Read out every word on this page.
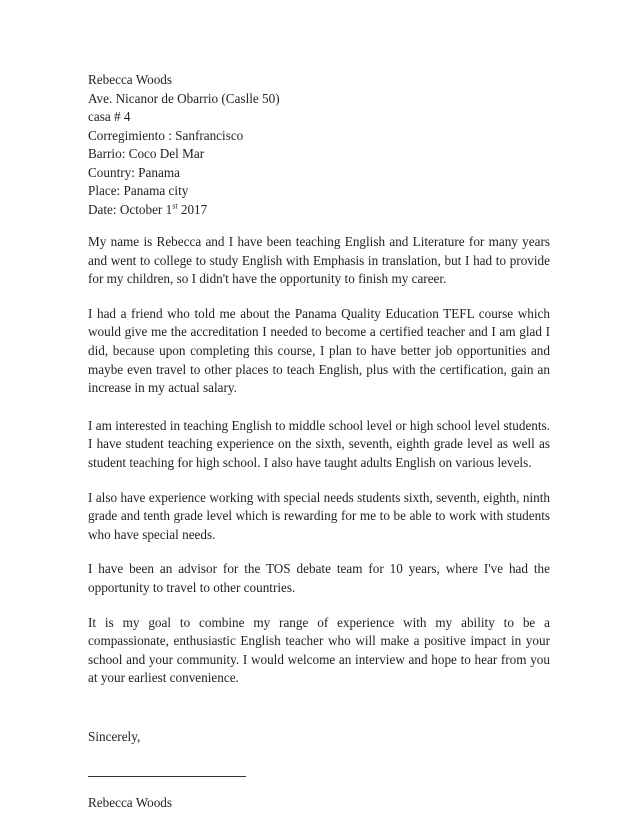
Rebecca Woods
Ave. Nicanor de Obarrio (Caslle 50)
casa # 4
Corregimiento : Sanfrancisco
Barrio: Coco Del Mar
Country: Panama
Place: Panama city
Date: October 1st 2017

My name is Rebecca and I have been teaching English and Literature for many years and went to college to study English with Emphasis in translation, but I had to provide for my children, so I didn't have the opportunity to finish my career.

I had a friend who told me about the Panama Quality Education TEFL course which would give me the accreditation I needed to become a certified teacher and I am glad I did, because upon completing this course, I plan to have better job opportunities and maybe even travel to other places to teach English, plus with the certification, gain an increase in my actual salary.

I am interested in teaching English to middle school level or high school level students. I have student teaching experience on the sixth, seventh, eighth grade level as well as student teaching for high school. I also have taught adults English on various levels.

I also have experience working with special needs students sixth, seventh, eighth, ninth grade and tenth grade level which is rewarding for me to be able to work with students who have special needs.

I have been an advisor for the TOS debate team for 10 years, where I've had the opportunity to travel to other countries.

It is my goal to combine my range of experience with my ability to be a compassionate, enthusiastic English teacher who will make a positive impact in your school and your community. I would welcome an interview and hope to hear from you at your earliest convenience.

Sincerely,
Rebecca Woods
